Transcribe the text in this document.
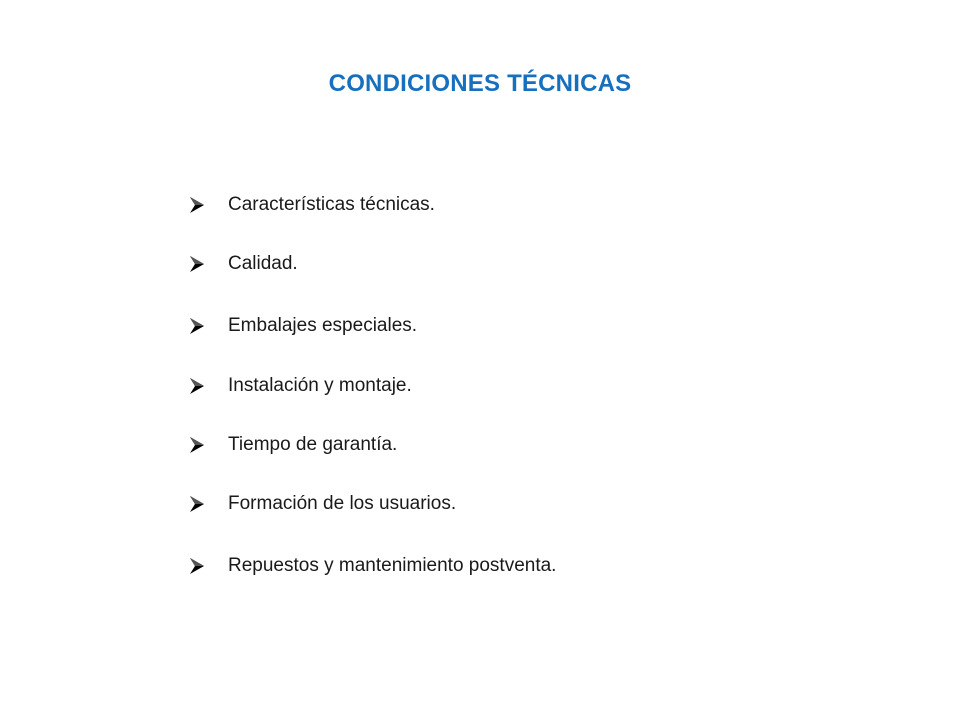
CONDICIONES TÉCNICAS
Características técnicas.
Calidad.
Embalajes especiales.
Instalación y montaje.
Tiempo de garantía.
Formación de los usuarios.
Repuestos y mantenimiento postventa.
